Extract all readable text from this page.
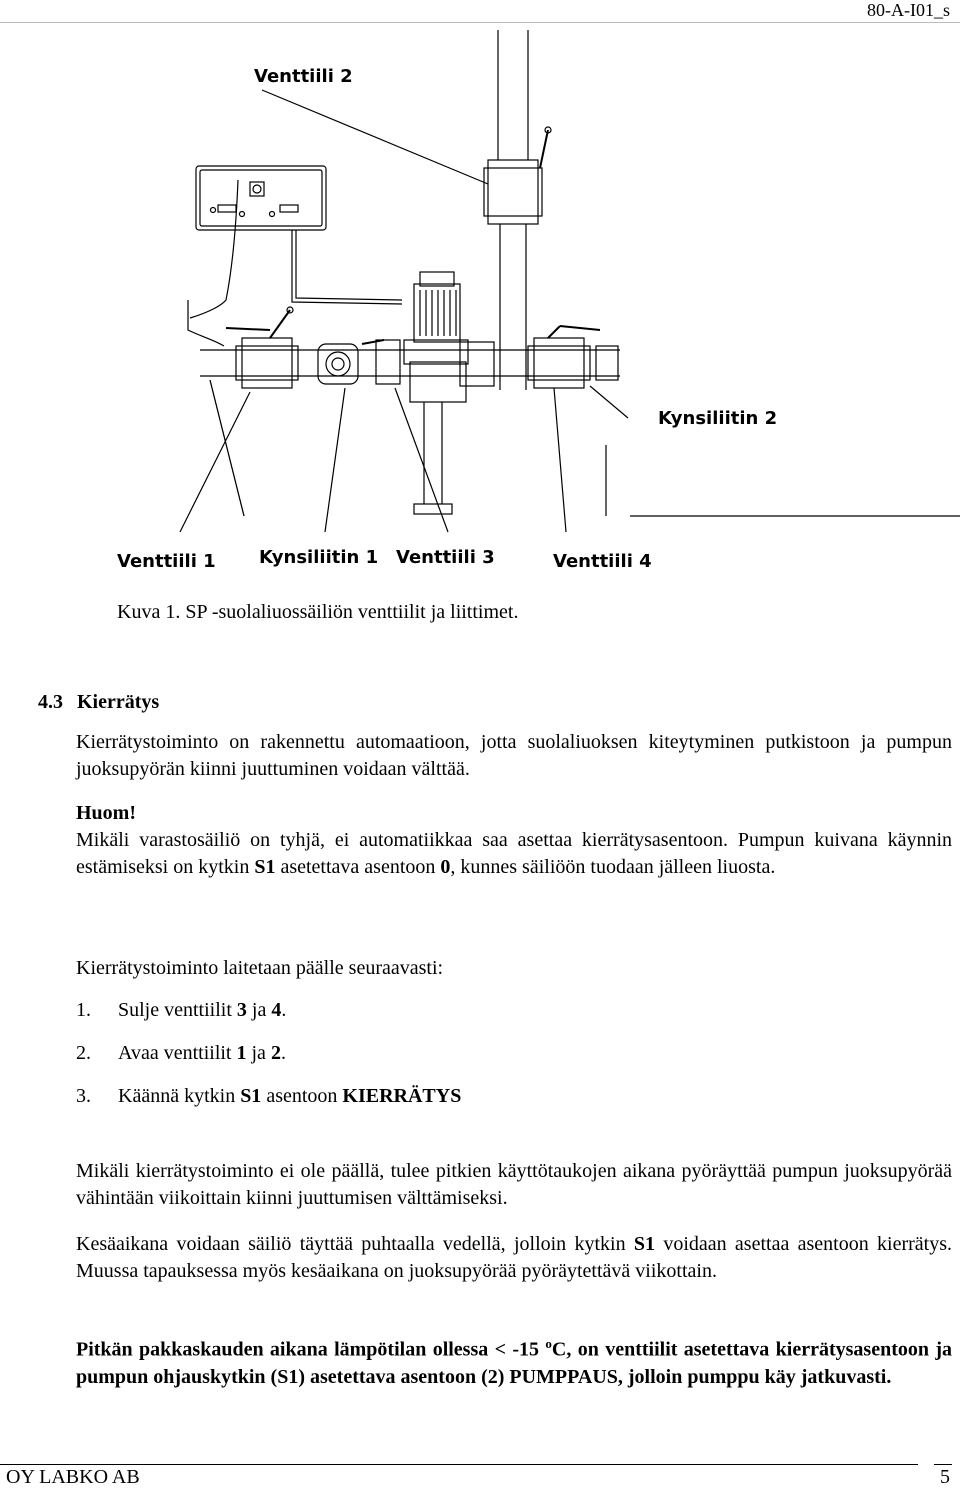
80-A-I01_s
Venttiili 2
Kynsiliitin 2
Venttiili 1 Kynsiliitin 1 Venttiili 3	Venttiili 4
Kuva 1. SP -suolaliuossäiliön venttiilit ja liittimet.
4.3 Kierrätys
Kierrätystoiminto on rakennettu automaatioon, jotta suolaliuoksen kiteytyminen putkistoon ja pumpun juoksupyörän kiinni juuttuminen voidaan välttää.
Huom!
Mikäli varastosäiliö on tyhjä, ei automatiikkaa saa asettaa kierrätysasentoon. Pumpun kuivana käynnin estämiseksi on kytkin S1 asetettava asentoon 0, kunnes säiliöön tuodaan jälleen liuosta.
Kierrätystoiminto laitetaan päälle seuraavasti:
1. Sulje venttiilit 3 ja 4.
2. Avaa venttiilit 1 ja 2.
3. Käännä kytkin S1 asentoon KIERRÄTYS
Mikäli kierrätystoiminto ei ole päällä, tulee pitkien käyttötaukojen aikana pyöräyttää pumpun juoksupyörää vähintään viikoittain kiinni juuttumisen välttämiseksi.
Kesäaikana voidaan säiliö täyttää puhtaalla vedellä, jolloin kytkin S1 voidaan asettaa asentoon kierrätys. Muussa tapauksessa myös kesäaikana on juoksupyörää pyöräytettävä viikottain.
Pitkän pakkaskauden aikana lämpötilan ollessa < -15 $^o$C, on venttiilit asetettava kierrätysasentoon ja pumpun ohjauskytkin (S1) asetettava asentoon (2) PUMPPAUS, jolloin pumppu käy jatkuvasti.
OY LABKO AB	5
